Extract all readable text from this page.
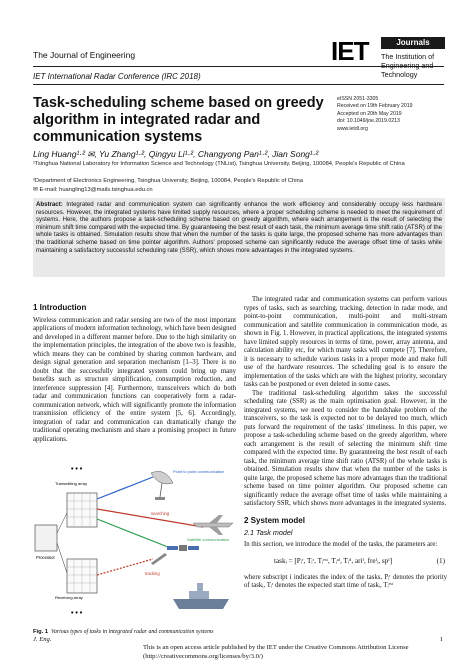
The Journal of Engineering
IET International Radar Conference (IRC 2018)
IET	Journals
The Institution of
Engineering and Technology
Task-scheduling scheme based on greedy algorithm in integrated radar and communication systems
eISSN 2051-3305
Received on 19th February 2019
Accepted on 20th May 2019
doi: 10.1049/joe.2019.0213
www.ietdl.org
Ling Huang¹·² ✉, Yu Zhang¹·², Qingyu Li¹·², Changyong Pan¹·², Jian Song¹·²
¹Tsinghua National Laboratory for Information Science and Technology (TNList), Tsinghua University, Beijing, 100084, People's Republic of China
²Department of Electronics Engineering, Tsinghua University, Beijing, 100084, People's Republic of China
✉ E-mail: huangling13@mails.tsinghua.edu.cn

Abstract: Integrated radar and communication system can significantly enhance the work efficiency and considerably occupy less hardware resources. However, the integrated systems have limited supply resources, where a proper scheduling scheme is needed to meet the requirement of systems. Here, the authors propose a task-scheduling scheme based on greedy algorithm, where each arrangement is the result of selecting the minimum shift time compared with the expected time. By guaranteeing the best result of each task, the minimum average time shift ratio (ATSR) of the whole tasks is obtained. Simulation results show that when the number of the tasks is quite large, the proposed scheme has more advantages than the traditional scheme based on time pointer algorithm. Authors' proposed scheme can significantly reduce the average offset time of tasks while maintaining a satisfactory successful scheduling rate (SSR), which shows more advantages in the integrated systems.

1 Introduction

Wireless communication and radar sensing are two of the most important applications of modern information technology, which have been designed and developed in a different manner before. Due to the high similarity on the implementation principles, the integration of the above two is feasible, which means they can be combined by sharing common hardware, and design signal generation and separation mechanism [1–3]. There is no doubt that the successfully integrated system could bring up many benefits such as structure simplification, consumption reduction, and interference suppression [4]. Furthermore, transceivers which do both radar and communication functions can cooperatively form a radar-communication network, which will significantly promote the information transmission efficiency of the entire system [5, 6]. Accordingly, integration of radar and communication can dramatically change the traditional operating mechanism and share a promising prospect in future applications.

Processor
Transmitting array
• • •
Receiving array
• • •
Point to point communication
searching
Satellite communication
tracking
Fig. 1 Various types of tasks in integrated radar and communication systems

The integrated radar and communication systems can perform various types of tasks, such as searching, tracking, detection in radar mode, and point-to-point communication, multi-point and multi-stream communication and satellite communication in communication mode, as shown in Fig. 1. However, in practical applications, the integrated systems have limited supply resources in terms of time, power, array antenna, and calculation ability etc, for which many tasks will compete [7]. Therefore, it is necessary to schedule various tasks in a proper mode and make full use of the hardware resources. The scheduling goal is to ensure the implementation of the tasks which are with the highest priority, secondary tasks can be postponed or even deleted in some cases.

The traditional task-scheduling algorithm takes the successful scheduling rate (SSR) as the main optimisation goal. However, in the integrated systems, we need to consider the handshake problem of the transceivers, so the task is expected not to be delayed too much, which puts forward the requirement of the tasks' timeliness. In this paper, we propose a task-scheduling scheme based on the greedy algorithm, where each arrangement is the result of selecting the minimum shift time compared with the expected time. By guaranteeing the best result of each task, the minimum average time shift ratio (ATSR) of the whole tasks is obtained. Simulation results show that when the number of the tasks is quite large, the proposed scheme has more advantages than the traditional scheme based on time pointer algorithm. Our proposed scheme can significantly reduce the average offset time of tasks while maintaining a satisfactory SSR, which shows more advantages in the integrated systems.

2 System model
2.1 Task model

In this section, we introduce the model of the tasks, the parameters are:

taskᵢ = [Pᵢʳ, Tᵢʳ, Tᵢᵉˢᵗ, Tᵢᵃˡ, Tᵢᵈ, ariᶠ, freᶠᵢ, spᶠ]	(1)

where subscript i indicates the index of the tasks, Pᵢʳ denotes the priority of taskᵢ, Tᵢʳ denotes the expected start time of taskᵢ, Tᵢᵉˢᵗ

J. Eng.
This is an open access article published by the IET under the Creative Commons Attribution License
(http://creativecommons.org/licenses/by/3.0/)
1
